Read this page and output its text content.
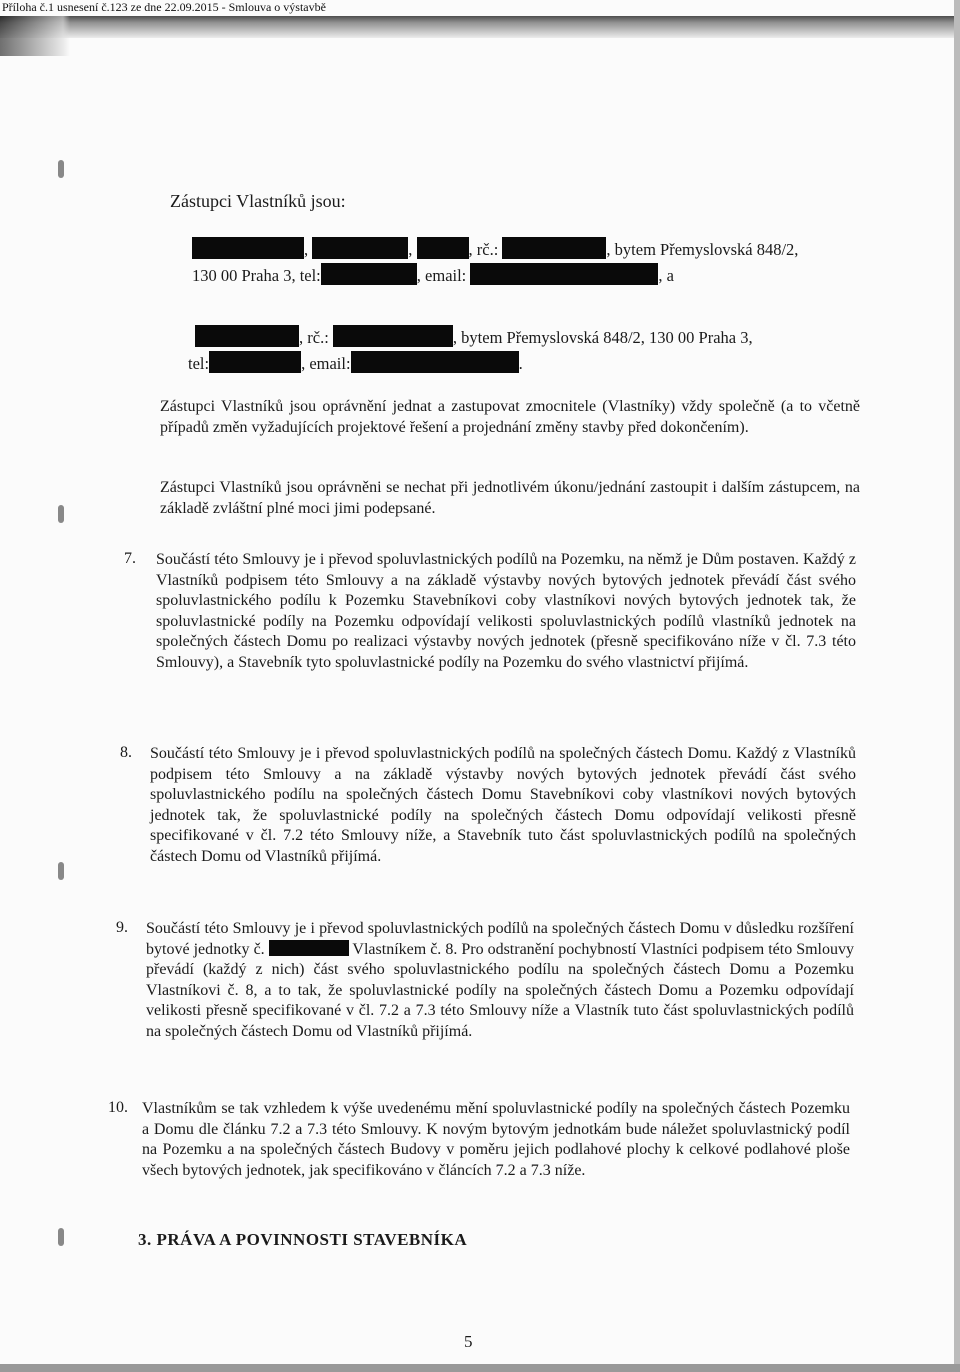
Příloha č.1 usnesení č.123 ze dne 22.09.2015 - Smlouva o výstavbě
Zástupci Vlastníků jsou:
,	,	, rč.:	, bytem Přemyslovská 848/2,
130 00 Praha 3, tel:	, email:	, a
, rč.:	, bytem Přemyslovská 848/2, 130 00 Praha 3,
tel:	, email:	.
Zástupci Vlastníků jsou oprávnění jednat a zastupovat zmocnitele (Vlastníky) vždy společně (a to včetně případů změn vyžadujících projektové řešení a projednání změny stavby před dokončením).
Zástupci Vlastníků jsou oprávněni se nechat při jednotlivém úkonu/jednání zastoupit i dalším zástupcem, na základě zvláštní plné moci jimi podepsané.
7. Součástí této Smlouvy je i převod spoluvlastnických podílů na Pozemku, na němž je Dům postaven. Každý z Vlastníků podpisem této Smlouvy a na základě výstavby nových bytových jednotek převádí část svého spoluvlastnického podílu k Pozemku Stavebníkovi coby vlastníkovi nových bytových jednotek tak, že spoluvlastnické podíly na Pozemku odpovídají velikosti spoluvlastnických podílů vlastníků jednotek na společných částech Domu po realizaci výstavby nových jednotek (přesně specifikováno níže v čl. 7.3 této Smlouvy), a Stavebník tyto spoluvlastnické podíly na Pozemku do svého vlastnictví přijímá.
8. Součástí této Smlouvy je i převod spoluvlastnických podílů na společných částech Domu. Každý z Vlastníků podpisem této Smlouvy a na základě výstavby nových bytových jednotek převádí část svého spoluvlastnického podílu na společných částech Domu Stavebníkovi coby vlastníkovi nových bytových jednotek tak, že spoluvlastnické podíly na společných částech Domu odpovídají velikosti přesně specifikované v čl. 7.2 této Smlouvy níže, a Stavebník tuto část spoluvlastnických podílů na společných částech Domu od Vlastníků přijímá.
9. Součástí této Smlouvy je i převod spoluvlastnických podílů na společných částech Domu v důsledku rozšíření bytové jednotky č.	Vlastníkem č. 8. Pro odstranění pochybností Vlastníci podpisem této Smlouvy převádí (každý z nich) část svého spoluvlastnického podílu na společných částech Domu a Pozemku Vlastníkovi č. 8, a to tak, že spoluvlastnické podíly na společných částech Domu a Pozemku odpovídají velikosti přesně specifikované v čl. 7.2 a 7.3 této Smlouvy níže a Vlastník tuto část spoluvlastnických podílů na společných částech Domu od Vlastníků přijímá.
10. Vlastníkům se tak vzhledem k výše uvedenému mění spoluvlastnické podíly na společných částech Pozemku a Domu dle článku 7.2 a 7.3 této Smlouvy. K novým bytovým jednotkám bude náležet spoluvlastnický podíl na Pozemku a na společných částech Budovy v poměru jejich podlahové plochy k celkové podlahové ploše všech bytových jednotek, jak specifikováno v článcích 7.2 a 7.3 níže.
3. PRÁVA A POVINNOSTI STAVEBNÍKA
5
